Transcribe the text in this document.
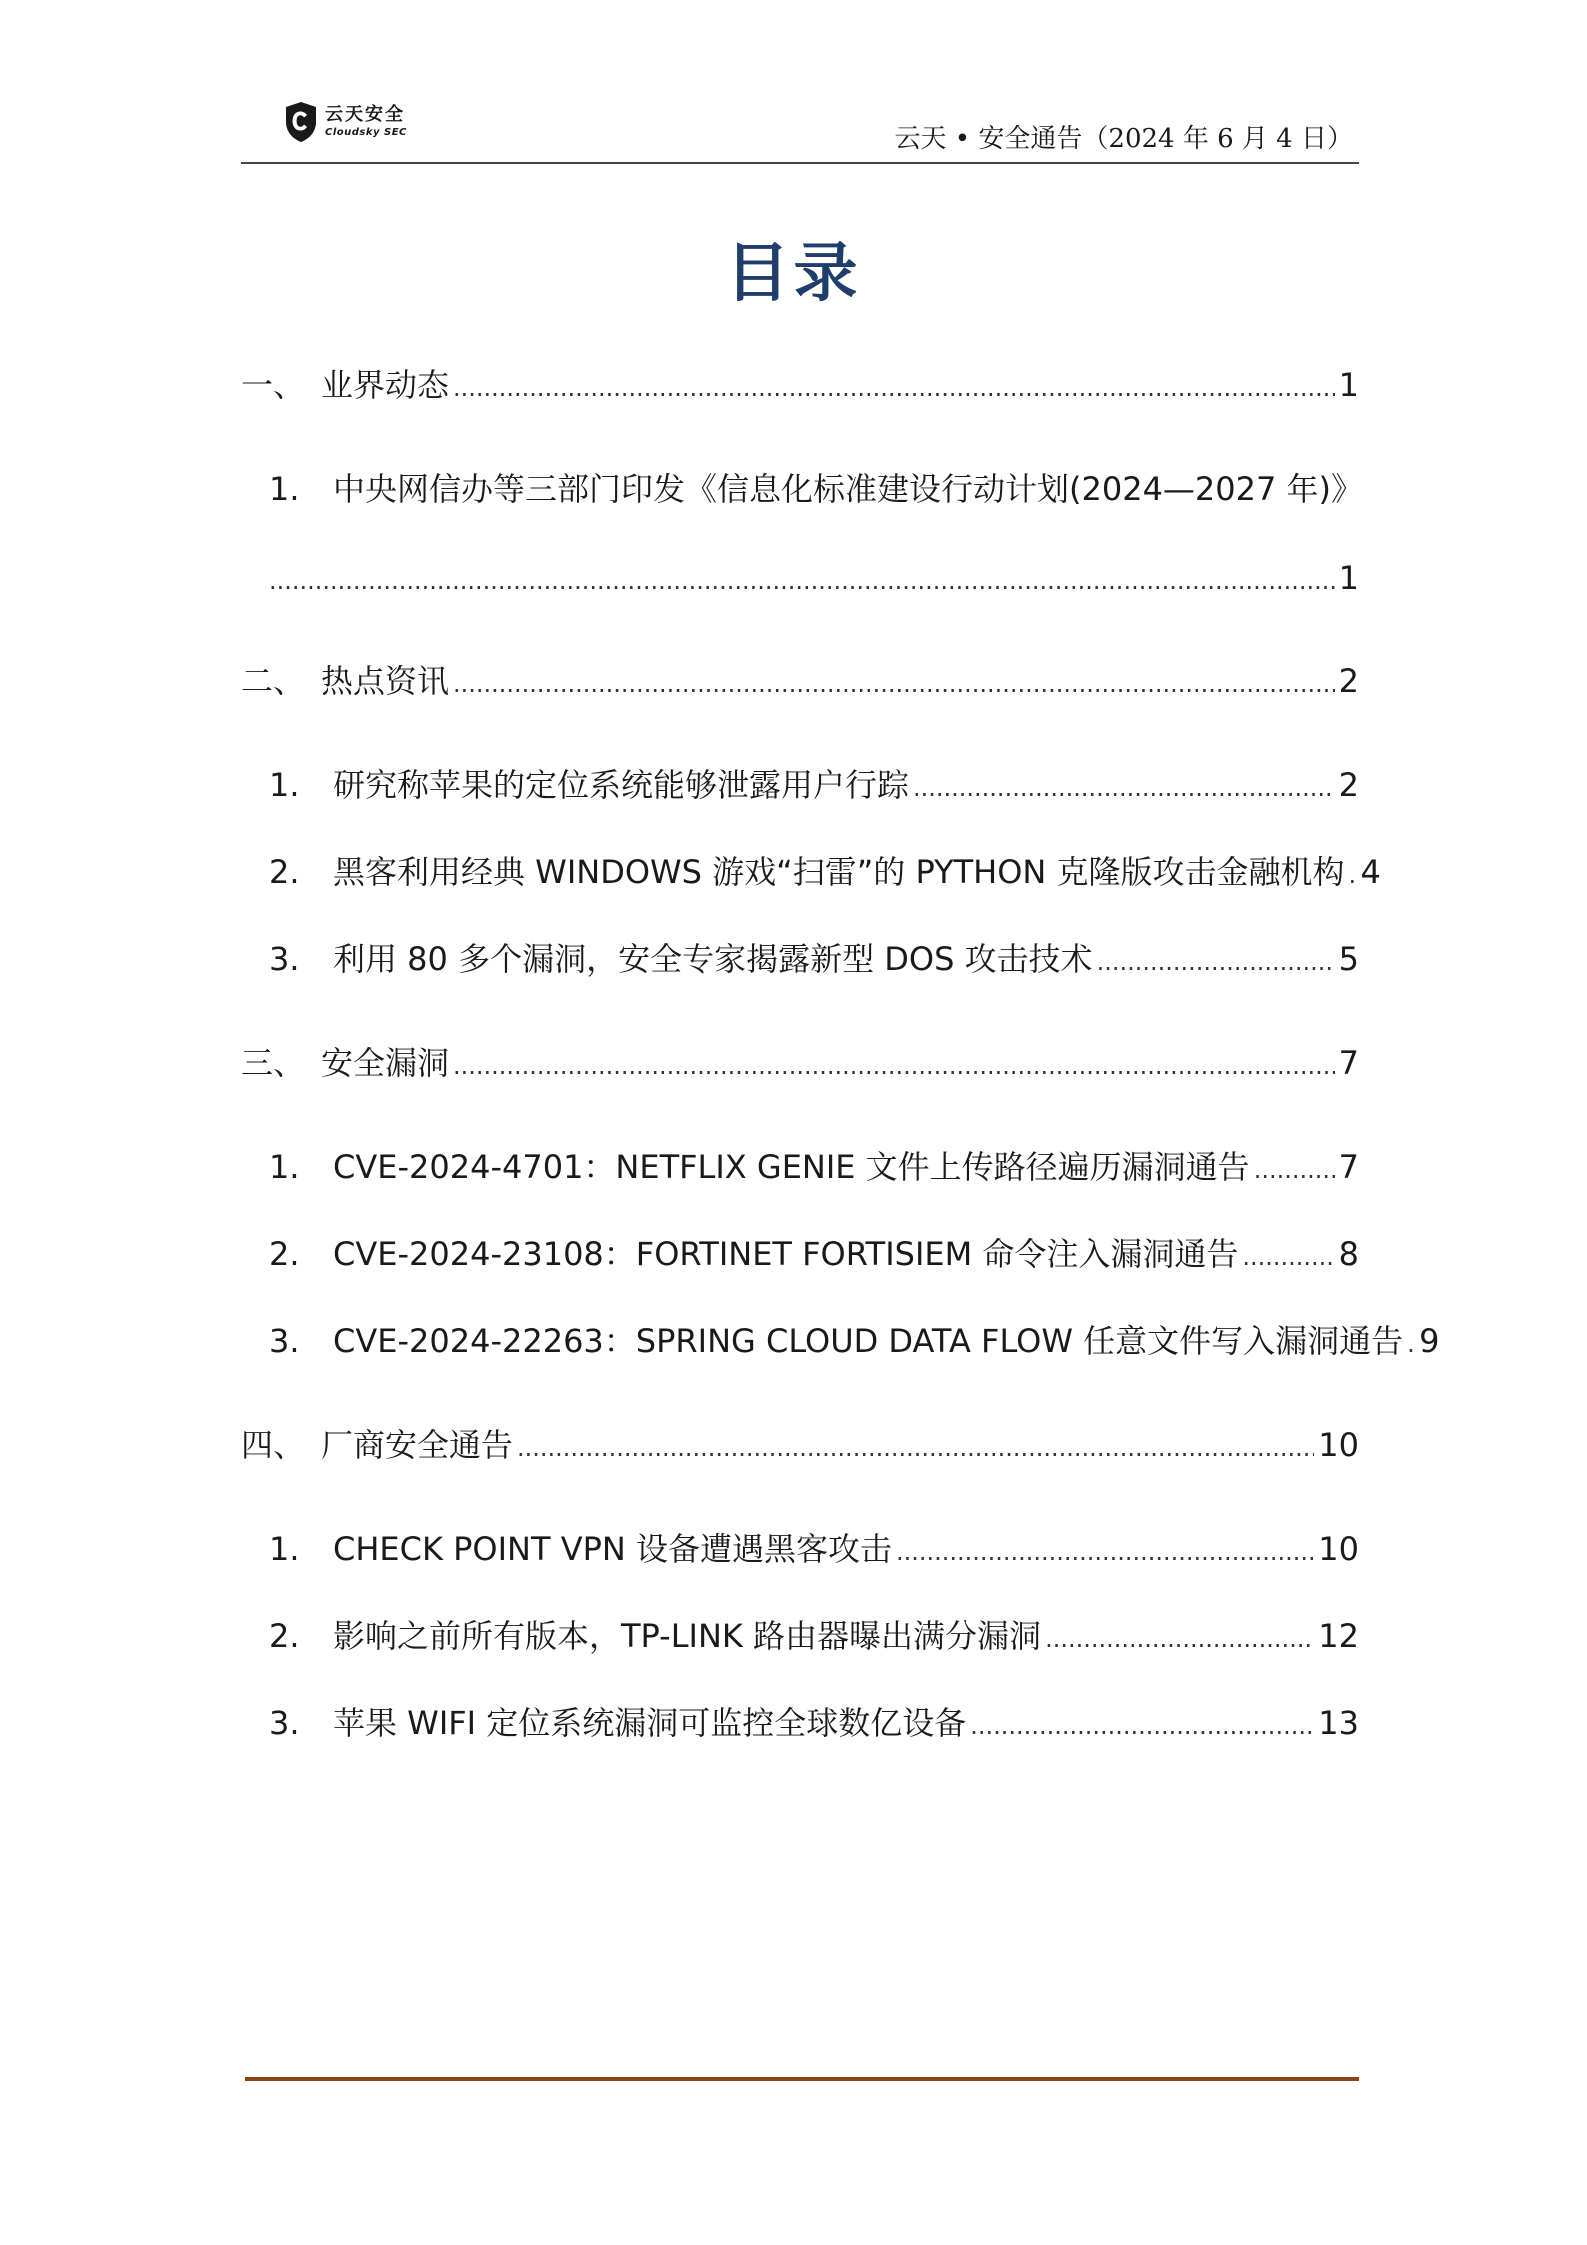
云天安全
Cloudsky SEC	云天 • 安全通告（2024 年 6 月 4 日）
目录
一、 业界动态 .....	1
1.	中央网信办等三部门印发《信息化标准建设行动计划(2024—2027 年)》
.....
1
二、 热点资讯 .....	2
1.	研究称苹果的定位系统能够泄露用户行踪 .....	2
2.	黑客利用经典 WINDOWS 游戏“扫雷”的 PYTHON 克隆版攻击金融机构 ..... 4
3.	利用 80 多个漏洞，安全专家揭露新型 DOS 攻击技术 .....	5
三、 安全漏洞 .....	7
1.	CVE-2024-4701：NETFLIX GENIE 文件上传路径遍历漏洞通告 .....	7
2.	CVE-2024-23108：FORTINET FORTISIEM 命令注入漏洞通告 .....	8
3.	CVE-2024-22263：SPRING CLOUD DATA FLOW 任意文件写入漏洞通告 ..... 9
四、 厂商安全通告 .....	10
1.	CHECK POINT VPN 设备遭遇黑客攻击 .....	10
2.	影响之前所有版本，TP-LINK 路由器曝出满分漏洞 .....	12
3.	苹果 WIFI 定位系统漏洞可监控全球数亿设备 .....	13
